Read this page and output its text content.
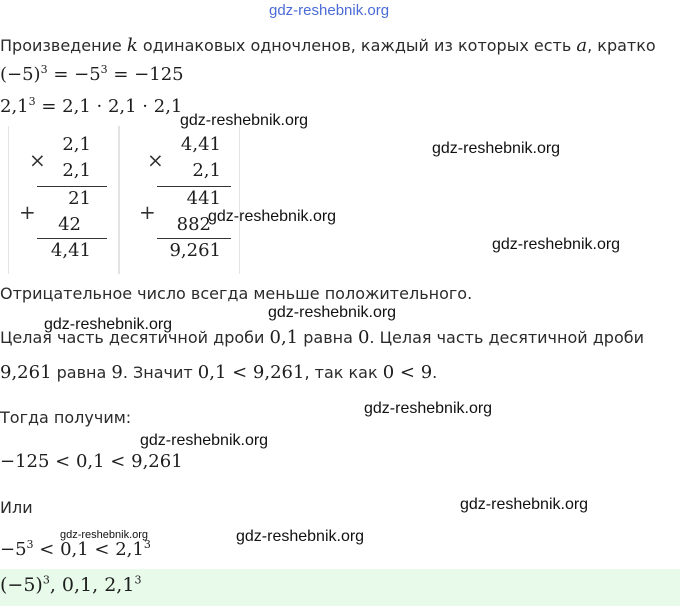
gdz-reshebnik.org
Произведение k одинаковых одночленов, каждый из которых есть a, кратко
$(-5)^3 = -5^3 = -125$
$2,1^3 = 2,1 \cdot 2,1 \cdot 2,1$
×
2,1
2,1
+
21
42
4,41
×
4,41
2,1
+
441
882
9,261
Отрицательное число всегда меньше положительного.
Целая часть десятичной дроби 0,1 равна 0. Целая часть десятичной дроби
9,261 равна 9. Значит 0,1 < 9,261, так как 0 < 9.
Тогда получим:
−125 < 0,1 < 9,261
Или
$-5^3 < 0,1 < 2,1^3$
$(-5)^3$, 0,1, $2,1^3$
gdz-reshebnik.org
gdz-reshebnik.org
gdz-reshebnik.org
gdz-reshebnik.org
gdz-reshebnik.org
gdz-reshebnik.org
gdz-reshebnik.org
gdz-reshebnik.org
gdz-reshebnik.org
gdz-reshebnik.org	gdz-reshebnik.org
